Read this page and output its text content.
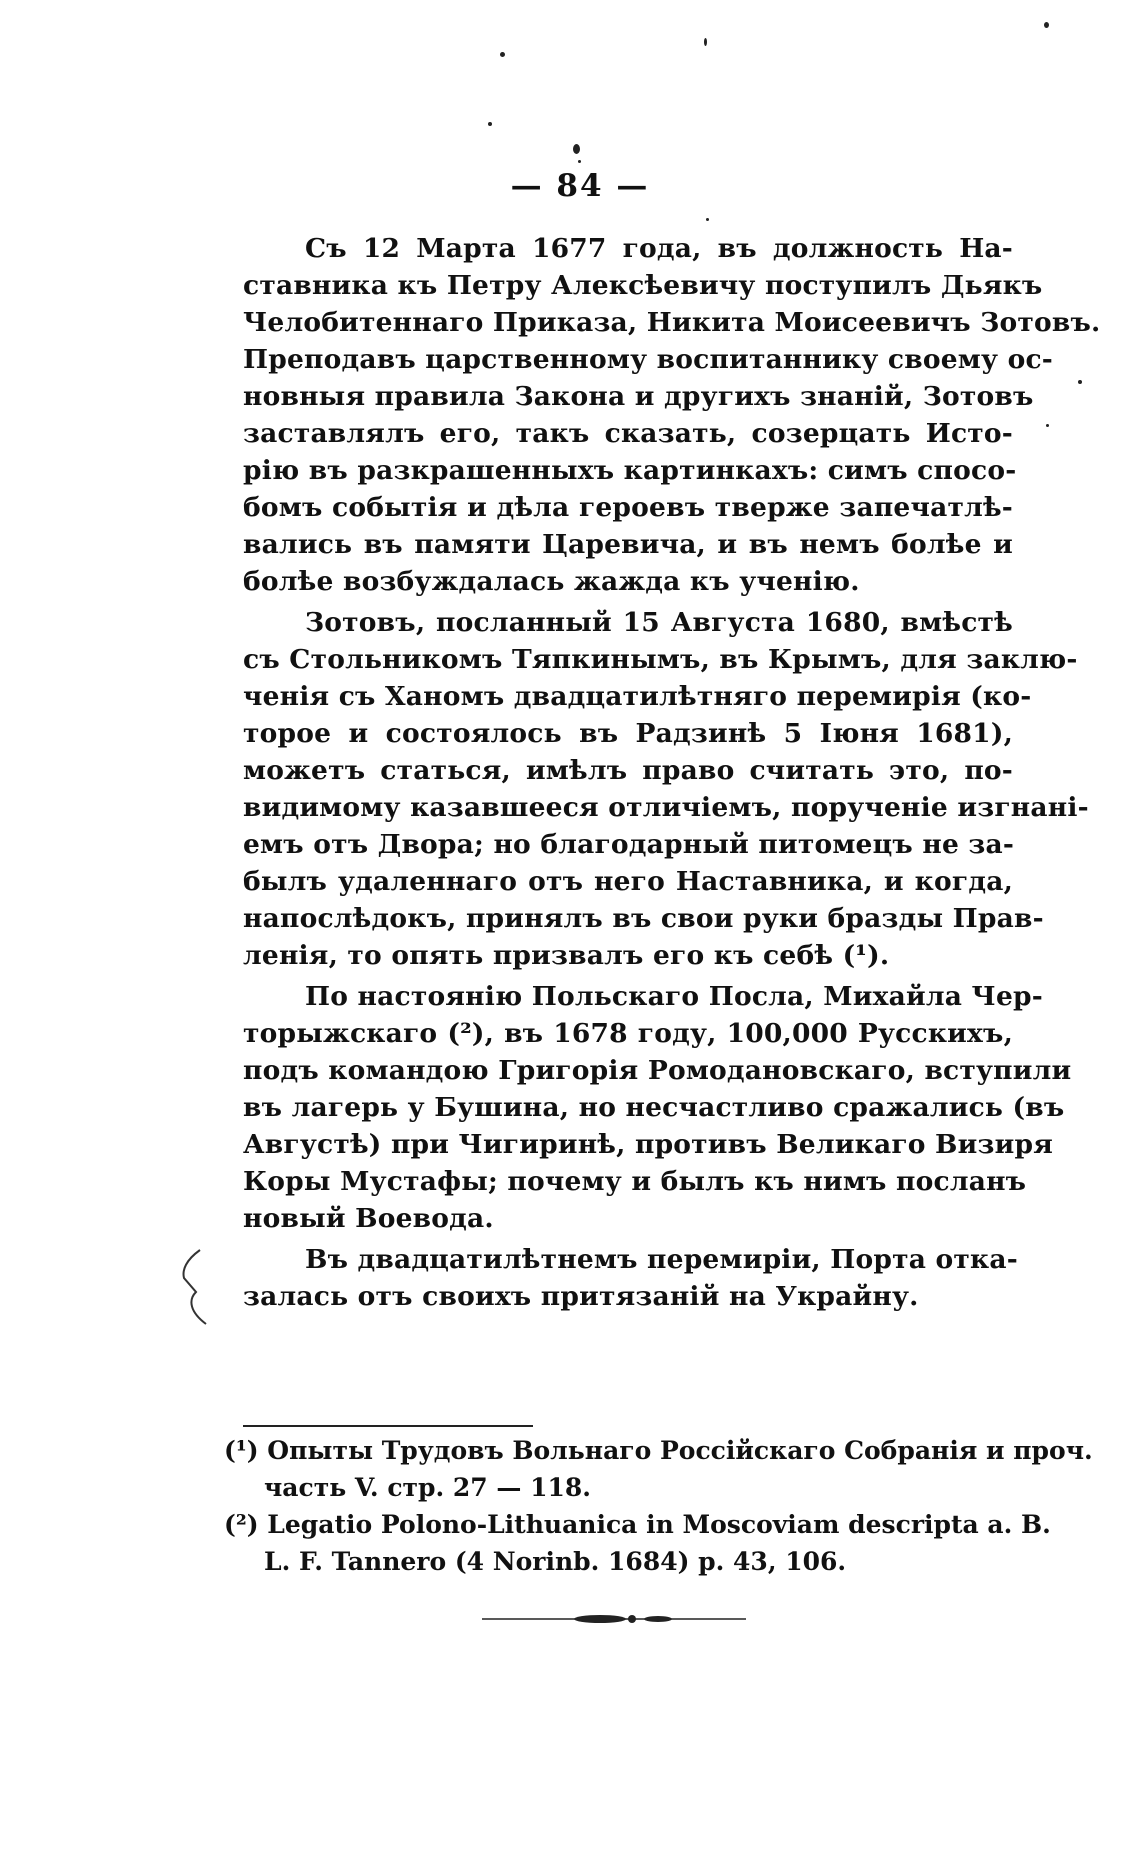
— 84 —
Съ 12 Марта 1677 года, въ должность На-
ставника къ Петру Алексѣевичу поступилъ Дьякъ
Челобитеннаго Приказа, Никита Моисеевичъ Зотовъ.
Преподавъ царственному воспитаннику своему ос-
новныя правила Закона и другихъ знаній, Зотовъ
заставлялъ его, такъ сказать, созерцать Исто-
рію въ разкрашенныхъ картинкахъ: симъ спосо-
бомъ событія и дѣла героевъ тверже запечатлѣ-
вались въ памяти Царевича, и въ немъ болѣе и
болѣе возбуждалась жажда къ ученію.
Зотовъ, посланный 15 Августа 1680, вмѣстѣ
съ Стольникомъ Тяпкинымъ, въ Крымъ, для заклю-
ченія съ Ханомъ двадцатилѣтняго перемирія (ко-
торое и состоялось въ Радзинѣ 5 Іюня 1681),
можетъ статься, имѣлъ право считать это, по-
видимому казавшееся отличіемъ, порученіе изгнані-
емъ отъ Двора; но благодарный питомецъ не за-
былъ удаленнаго отъ него Наставника, и когда,
напослѣдокъ, принялъ въ свои руки бразды Прав-
ленія, то опять призвалъ его къ себѣ (¹).
По настоянію Польскаго Посла, Михайла Чер-
торыжскаго (²), въ 1678 году, 100,000 Русскихъ,
подъ командою Григорія Ромодановскаго, вступили
въ лагерь у Бушина, но несчастливо сражались (въ
Августѣ) при Чигиринѣ, противъ Великаго Визиря
Коры Мустафы; почему и былъ къ нимъ посланъ
новый Воевода.
Въ двадцатилѣтнемъ перемиріи, Порта отка-
залась отъ своихъ притязаній на Украйну.
(¹) Опыты Трудовъ Вольнаго Россійскаго Собранія и проч.
часть V. стр. 27 — 118.
(²) Legatio Polono-Lithuanica in Moscoviam descripta a. B.
L. F. Tannero (4 Norinb. 1684) p. 43, 106.
